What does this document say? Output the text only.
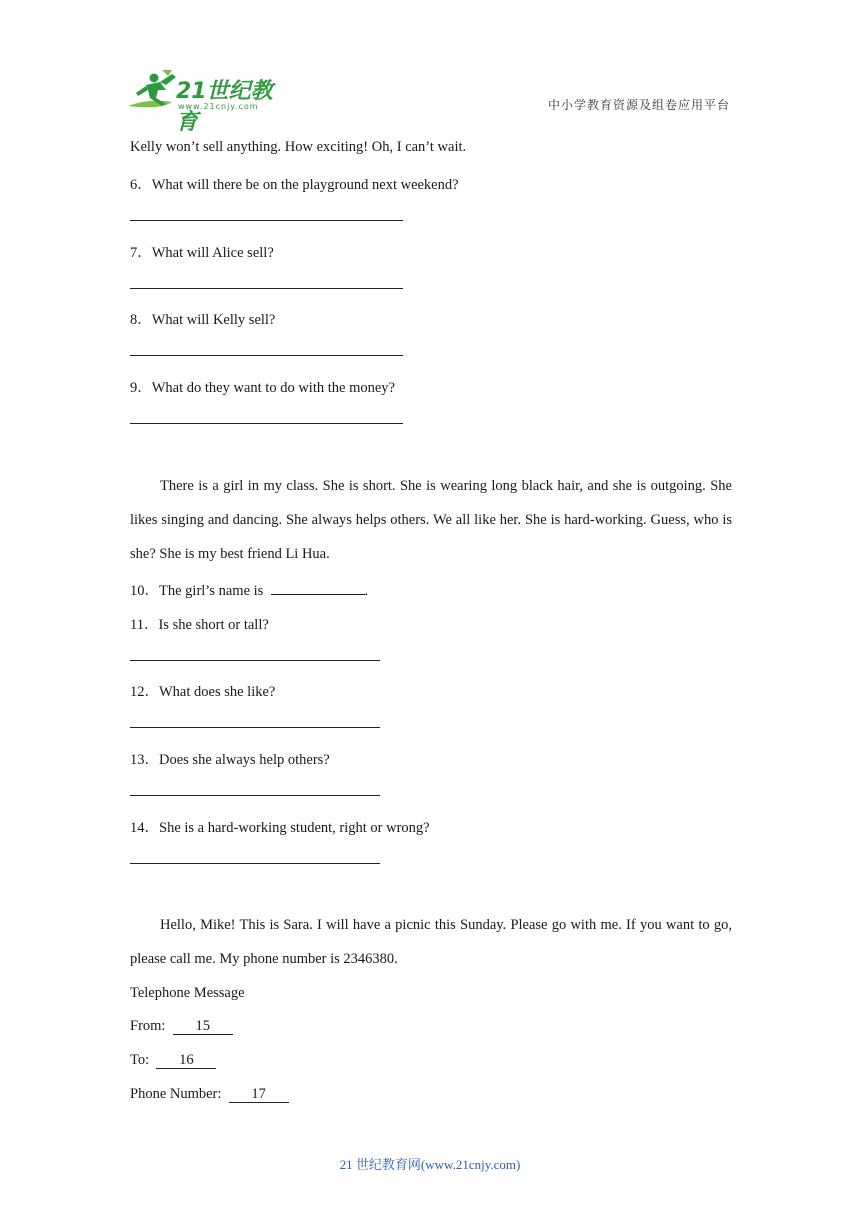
21世纪教育
www.21cnjy.com	中小学教育资源及组卷应用平台
Kelly won’t sell anything. How exciting! Oh, I can’t wait.
6．What will there be on the playground next weekend?
7．What will Alice sell?
8．What will Kelly sell?
9．What do they want to do with the money?
There is a girl in my class. She is short. She is wearing long black hair, and she is outgoing. She likes singing and dancing. She always helps others. We all like her. She is hard-working. Guess, who is she? She is my best friend Li Hua.
10．The girl’s name is	.
11．Is she short or tall?
12．What does she like?
13．Does she always help others?
14．She is a hard-working student, right or wrong?
Hello, Mike! This is Sara. I will have a picnic this Sunday. Please go with me. If you want to go, please call me. My phone number is 2346380.
Telephone Message
From: 15
To: 16
Phone Number: 17
21 世纪教育网(www.21cnjy.com)
